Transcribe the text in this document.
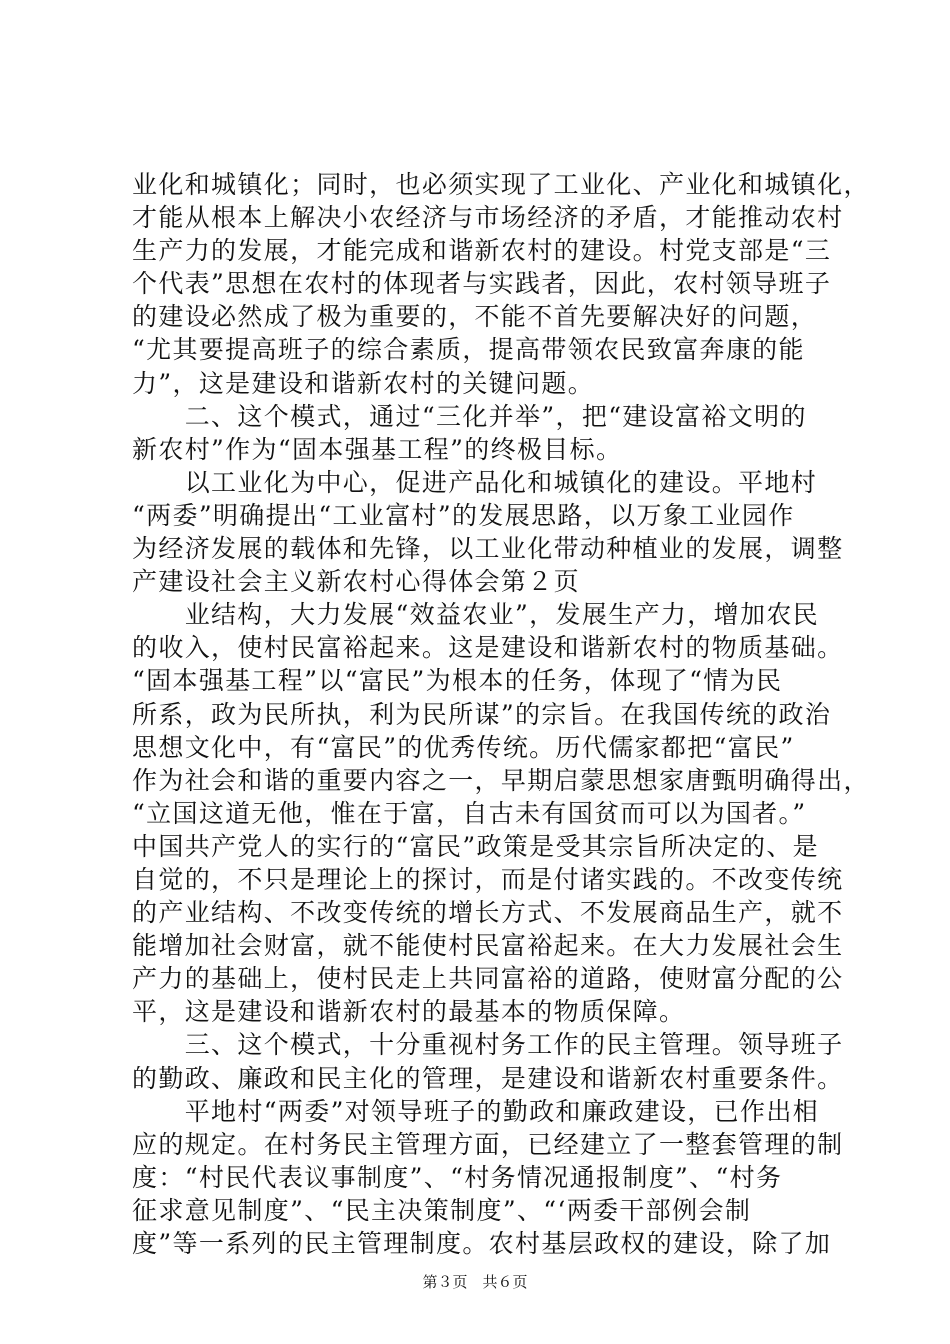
业化和城镇化；同时，也必须实现了工业化、产业化和城镇化，
才能从根本上解决小农经济与市场经济的矛盾，才能推动农村
生产力的发展，才能完成和谐新农村的建设。村党支部是“三
个代表”思想在农村的体现者与实践者，因此，农村领导班子
的建设必然成了极为重要的，不能不首先要解决好的问题，
“尤其要提高班子的综合素质，提高带领农民致富奔康的能
力”，这是建设和谐新农村的关键问题。
　　二、这个模式，通过“三化并举”，把“建设富裕文明的
新农村”作为“固本强基工程”的终极目标。
　　以工业化为中心，促进产品化和城镇化的建设。平地村
“两委”明确提出“工业富村”的发展思路，以万象工业园作
为经济发展的载体和先锋，以工业化带动种植业的发展，调整
产建设社会主义新农村心得体会第２页
　　业结构，大力发展“效益农业”，发展生产力，增加农民
的收入，使村民富裕起来。这是建设和谐新农村的物质基础。
“固本强基工程”以“富民”为根本的任务，体现了“情为民
所系，政为民所执，利为民所谋”的宗旨。在我国传统的政治
思想文化中，有“富民”的优秀传统。历代儒家都把“富民”
作为社会和谐的重要内容之一，早期启蒙思想家唐甄明确得出，
“立国这道无他，惟在于富，自古未有国贫而可以为国者。”
中国共产党人的实行的“富民”政策是受其宗旨所决定的、是
自觉的，不只是理论上的探讨，而是付诸实践的。不改变传统
的产业结构、不改变传统的增长方式、不发展商品生产，就不
能增加社会财富，就不能使村民富裕起来。在大力发展社会生
产力的基础上，使村民走上共同富裕的道路，使财富分配的公
平，这是建设和谐新农村的最基本的物质保障。
　　三、这个模式，十分重视村务工作的民主管理。领导班子
的勤政、廉政和民主化的管理，是建设和谐新农村重要条件。
　　平地村“两委”对领导班子的勤政和廉政建设，已作出相
应的规定。在村务民主管理方面，已经建立了一整套管理的制
度：“村民代表议事制度”、“村务情况通报制度”、“村务
征求意见制度”、“民主决策制度”、“‘两委干部例会制
度”等一系列的民主管理制度。农村基层政权的建设，除了加
第３页　共６页
